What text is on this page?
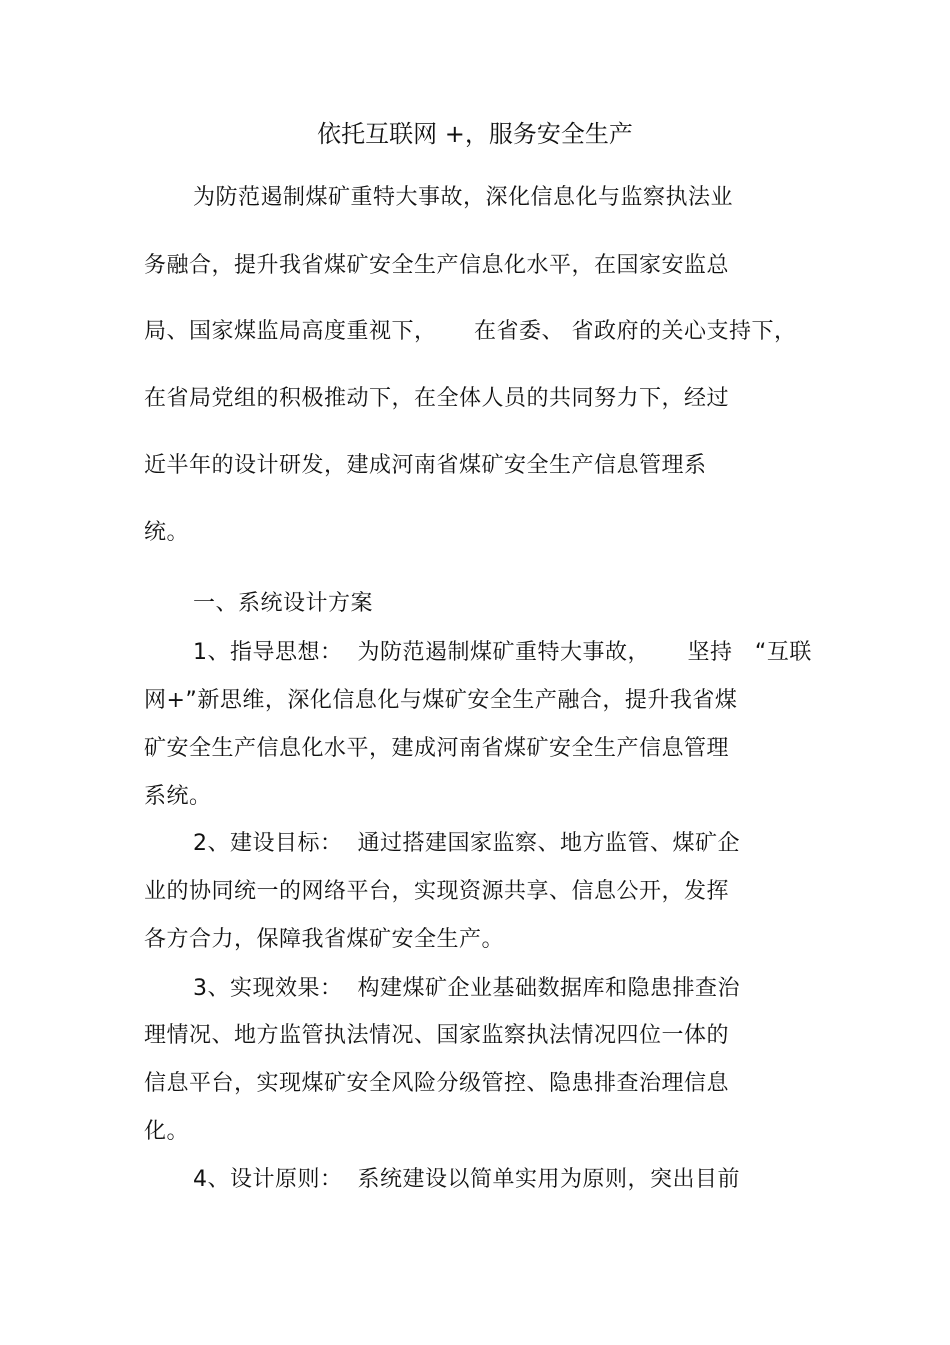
依托互联网 +，服务安全生产
为防范遏制煤矿重特大事故，深化信息化与监察执法业
务融合，提升我省煤矿安全生产信息化水平，在国家安监总
局、国家煤监局高度重视下，     在省委、 省政府的关心支持下，
在省局党组的积极推动下，在全体人员的共同努力下，经过
近半年的设计研发，建成河南省煤矿安全生产信息管理系
统。
一、系统设计方案
1、指导思想：  为防范遏制煤矿重特大事故，     坚持   “互联
网+”新思维，深化信息化与煤矿安全生产融合，提升我省煤
矿安全生产信息化水平，建成河南省煤矿安全生产信息管理
系统。
2、建设目标：  通过搭建国家监察、地方监管、煤矿企
业的协同统一的网络平台，实现资源共享、信息公开，发挥
各方合力，保障我省煤矿安全生产。
3、实现效果：  构建煤矿企业基础数据库和隐患排查治
理情况、地方监管执法情况、国家监察执法情况四位一体的
信息平台，实现煤矿安全风险分级管控、隐患排查治理信息
化。
4、设计原则：  系统建设以简单实用为原则，突出目前
